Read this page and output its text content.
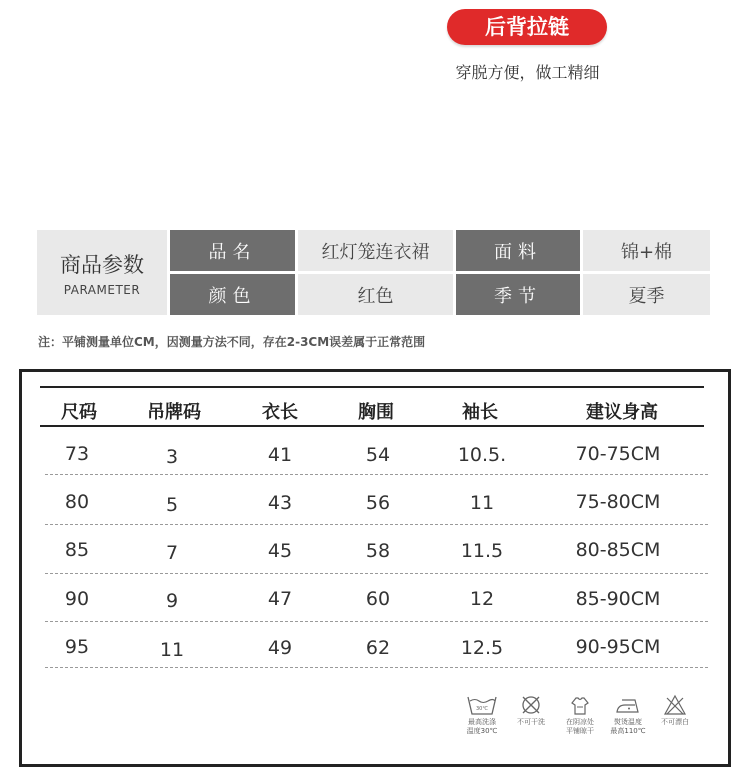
后背拉链
穿脱方便，做工精细
商品参数
PARAMETER
品名	红灯笼连衣裙	面料	锦+棉
颜色	红色	季节	夏季
注：平铺测量单位CM，因测量方法不同，存在2-3CM误差属于正常范围
尺码	吊牌码	衣长	胸围	袖长	建议身高
73	3	41	54	10.5.	70-75CM
80	5	43	56	11	75-80CM
85	7	45	58	11.5	80-85CM
90	9	47	60	12	85-90CM
95	11	49	62	12.5	90-95CM
30℃
最高洗涤
温度30℃
不可干洗	在阴凉处
平铺晾干
熨烫温度
最高110℃
不可漂白
